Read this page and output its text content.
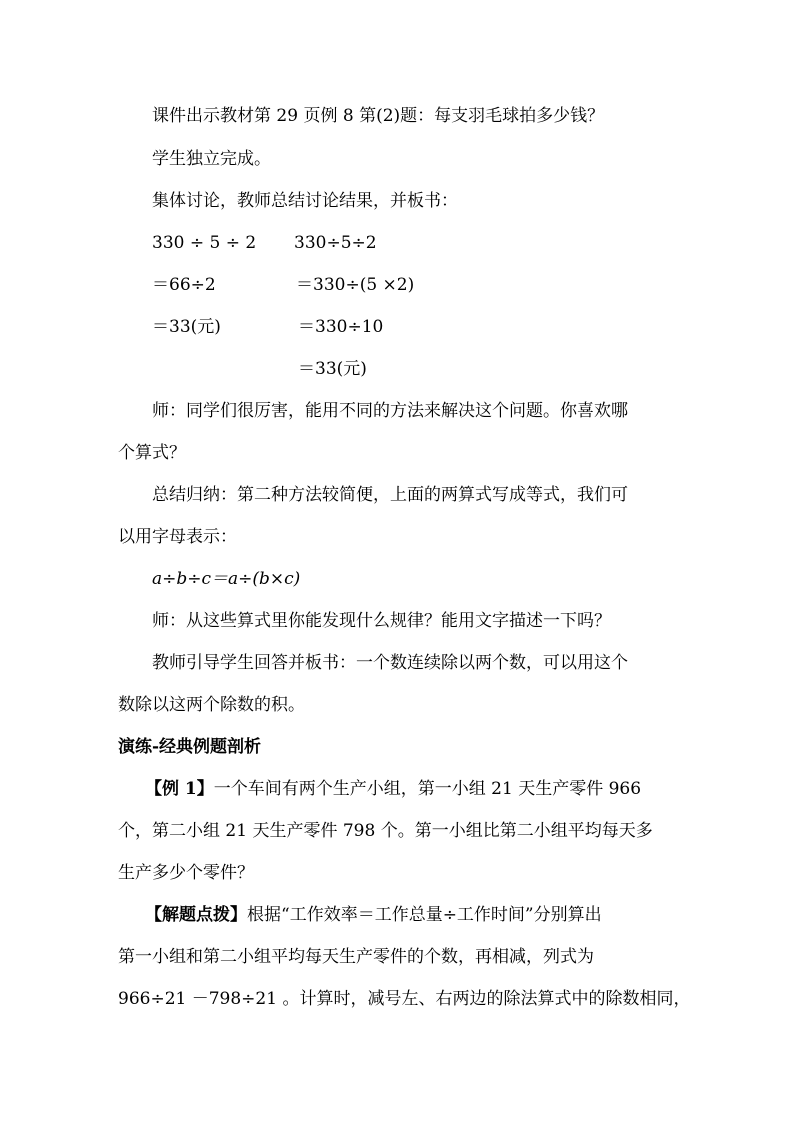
课件出示教材第 29 页例 8 第(2)题：每支羽毛球拍多少钱？
学生独立完成。
集体讨论，教师总结讨论结果，并板书：
330 ÷ 5 ÷ 2 330÷5÷2
＝66÷2	＝330÷(5 ×2)
＝33(元)	＝330÷10
＝33(元)
师：同学们很厉害，能用不同的方法来解决这个问题。你喜欢哪
个算式？
总结归纳：第二种方法较简便，上面的两算式写成等式，我们可
以用字母表示：
a÷b÷c＝a÷(b×c)
师：从这些算式里你能发现什么规律？能用文字描述一下吗？
教师引导学生回答并板书：一个数连续除以两个数，可以用这个
数除以这两个除数的积。
演练-经典例题剖析
【例 1】一个车间有两个生产小组，第一小组 21 天生产零件 966
个，第二小组 21 天生产零件 798 个。第一小组比第二小组平均每天多
生产多少个零件？
【解题点拨】根据“工作效率＝工作总量÷工作时间”分别算出
第一小组和第二小组平均每天生产零件的个数，再相减，列式为
966÷21 －798÷21 。计算时，减号左、右两边的除法算式中的除数相同，
